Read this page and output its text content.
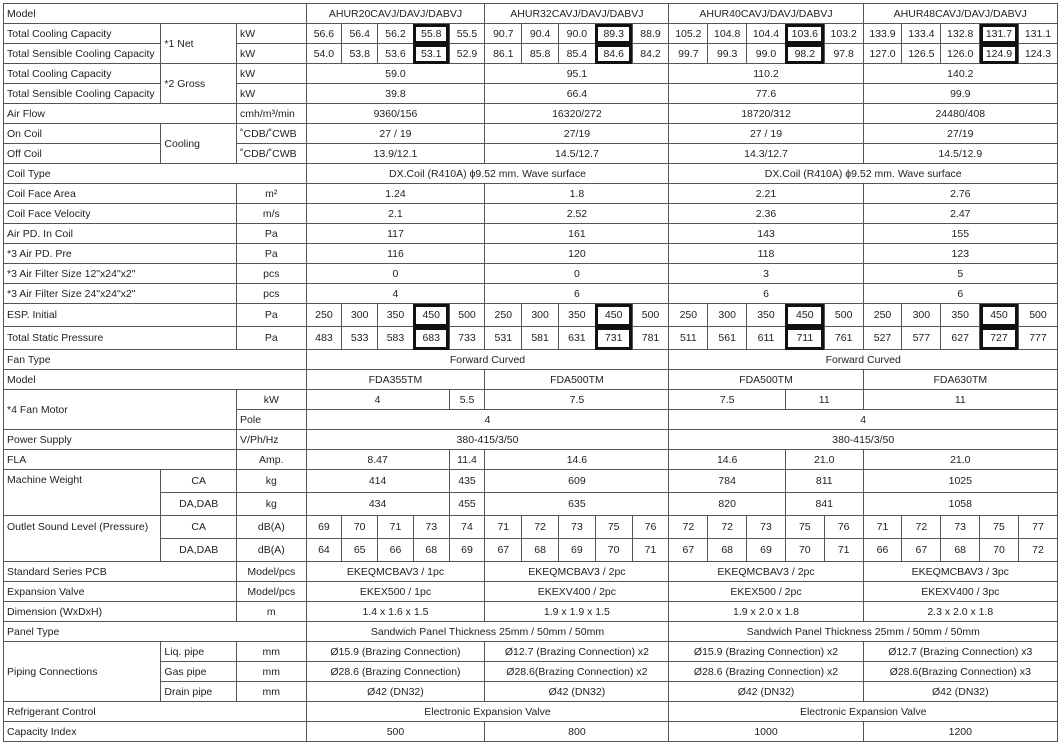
Model			AHUR20CAVJ/DAVJ/DABVJ					AHUR32CAVJ/DAVJ/DABVJ					AHUR40CAVJ/DAVJ/DABVJ					AHUR48CAVJ/DAVJ/DABVJ				
Total Cooling Capacity	*1 Net	kW	56.6	56.4	56.2	55.8	55.5	90.7	90.4	90.0	89.3	88.9	105.2	104.8	104.4	103.6	103.2	133.9	133.4	132.8	131.7	131.1
Total Sensible Cooling Capacity		kW	54.0	53.8	53.6	53.1	52.9	86.1	85.8	85.4	84.6	84.2	99.7	99.3	99.0	98.2	97.8	127.0	126.5	126.0	124.9	124.3
Total Cooling Capacity	*2 Gross	kW	59.0					95.1					110.2					140.2				
Total Sensible Cooling Capacity		kW	39.8					66.4					77.6					99.9				
Air Flow		cmh/m³/min	9360/156					16320/272					18720/312					24480/408				
On Coil	Cooling	˚CDB/˚CWB	27 / 19					27/19					27 / 19					27/19				
Off Coil		˚CDB/˚CWB	13.9/12.1					14.5/12.7					14.3/12.7					14.5/12.9				
Coil Type			DX.Coil (R410A) ϕ9.52 mm. Wave surface										DX.Coil (R410A) ϕ9.52 mm. Wave surface									
Coil Face Area		m²	1.24					1.8					2.21					2.76				
Coil Face Velocity		m/s	2.1					2.52					2.36					2.47				
Air PD. In Coil		Pa	117					161					143					155				
*3 Air PD. Pre		Pa	116					120					118					123				
*3 Air Filter Size 12"x24"x2"		pcs	0					0					3					5				
*3 Air Filter Size 24"x24"x2"		pcs	4					6					6					6				
ESP. Initial		Pa	250	300	350	450	500	250	300	350	450	500	250	300	350	450	500	250	300	350	450	500
Total Static Pressure		Pa	483	533	583	683	733	531	581	631	731	781	511	561	611	711	761	527	577	627	727	777
Fan Type			Forward Curved										Forward Curved									
Model			FDA355TM					FDA500TM					FDA500TM					FDA630TM				
*4 Fan Motor		kW	4				5.5	7.5					7.5			11		11				
		Pole	4										4									
Power Supply		V/Ph/Hz	380-415/3/50										380-415/3/50									
FLA		Amp.	8.47				11.4	14.6					14.6			21.0		21.0				
Machine Weight	CA	kg	414				435	609					784			811		1025				
	DA,DAB	kg	434				455	635					820			841		1058				
Outlet Sound Level (Pressure)	CA	dB(A)	69	70	71	73	74	71	72	73	75	76	72	72	73	75	76	71	72	73	75	77
	DA,DAB	dB(A)	64	65	66	68	69	67	68	69	70	71	67	68	69	70	71	66	67	68	70	72
Standard Series PCB		Model/pcs	EKEQMCBAV3 / 1pc					EKEQMCBAV3 / 2pc					EKEQMCBAV3 / 2pc					EKEQMCBAV3 / 3pc				
Expansion Valve		Model/pcs	EKEX500 / 1pc					EKEXV400 / 2pc					EKEX500 / 2pc					EKEXV400 / 3pc				
Dimension (WxDxH)		m	1.4 x 1.6 x 1.5					1.9 x 1.9 x 1.5					1.9 x 2.0 x 1.8					2.3 x 2.0 x 1.8				
Panel Type			Sandwich Panel Thickness 25mm / 50mm / 50mm										Sandwich Panel Thickness 25mm / 50mm / 50mm									
Piping Connections	Liq. pipe	mm	Ø15.9 (Brazing Connection)					Ø12.7 (Brazing Connection) x2					Ø15.9 (Brazing Connection) x2					Ø12.7 (Brazing Connection) x3				
	Gas pipe	mm	Ø28.6 (Brazing Connection)					Ø28.6(Brazing Connection) x2					Ø28.6 (Brazing Connection) x2					Ø28.6(Brazing Connection) x3				
	Drain pipe	mm	Ø42 (DN32)					Ø42 (DN32)					Ø42 (DN32)					Ø42 (DN32)				
Refrigerant Control			Electronic Expansion Valve										Electronic Expansion Valve									
Capacity Index			500					800					1000					1200				
